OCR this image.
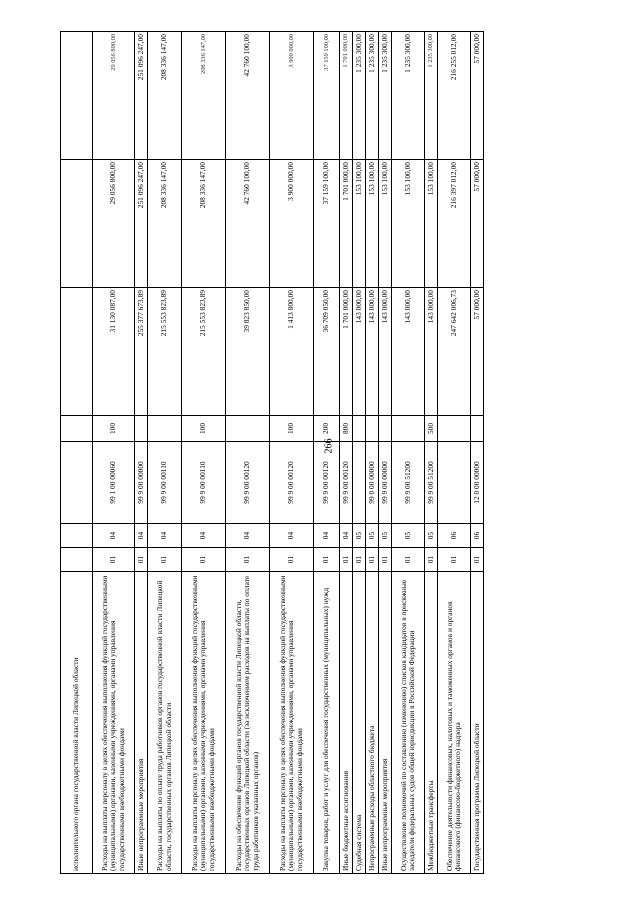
266
исполнительного органа государственной власти Липецкой области							
Расходы на выплаты персоналу в целях обеспечения выполнения функций государственными (муниципальными) органами, казенными учреждениями, органами управления государственными внебюджетными фондами	01	04	99 1 00 00060	100	31 130 087,00	29 056 800,00	29 056 800,00
Иные непрограммные мероприятия	01	04	99 9 00 00000		255 377 673,89	251 096 247,00	251 096 247,00
Расходы на выплаты по оплате труда работников органов государственной власти Липецкой области, государственных органов Липецкой области	01	04	99 9 00 00110		215 553 823,89	208 336 147,00	208 336 147,00
Расходы на выплаты персоналу в целях обеспечения выполнения функций государственными (муниципальными) органами, казенными учреждениями, органами управления государственными внебюджетными фондами	01	04	99 9 00 00110	100	215 553 823,89	208 336 147,00	208 336 147,00
Расходы на обеспечение функций органов государственной власти Липецкой области, государственных органов Липецкой области (за исключением расходов на выплаты по оплате труда работников указанных органов)	01	04	99 9 00 00120		39 823 850,00	42 760 100,00	42 760 100,00
Расходы на выплаты персоналу в целях обеспечения выполнения функций государственными (муниципальными) органами, казенными учреждениями, органами управления государственными внебюджетными фондами	01	04	99 9 00 00120	100	1 413 800,00	3 900 000,00	3 900 000,00
Закупка товаров, работ и услуг для обеспечения государственных (муниципальных) нужд	01	04	99 9 00 00120	200	36 709 050,00	37 159 100,00	37 159 100,00
Иные бюджетные ассигнования	01	04	99 9 00 00120	800	1 701 000,00	1 701 000,00	1 701 000,00
Судебная система	01	05			143 000,00	153 100,00	1 235 300,00
Непрограммные расходы областного бюджета	01	05	99 0 00 00000		143 000,00	153 100,00	1 235 300,00
Иные непрограммные мероприятия	01	05	99 9 00 00000		143 000,00	153 100,00	1 235 300,00
Осуществление полномочий по составлению (изменению) списков кандидатов в присяжные заседатели федеральных судов общей юрисдикции в Российской Федерации	01	05	99 9 00 51200		143 000,00	153 100,00	1 235 300,00
Межбюджетные трансферты	01	05	99 9 00 51200	500	143 000,00	153 100,00	1 235 300,00
Обеспечение деятельности финансовых, налоговых и таможенных органов и органов финансового (финансово-бюджетного) надзора	01	06			247 642 006,73	216 397 012,00	216 255 012,00
Государственная программа Липецкой области	01	06	12 0 00 00000		57 000,00	57 000,00	57 000,00
